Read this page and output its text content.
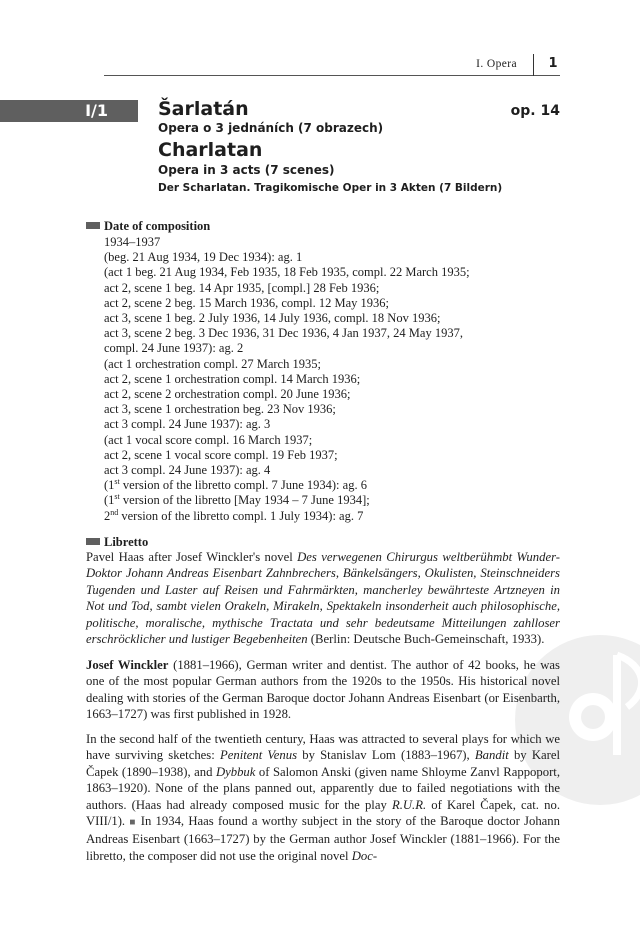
I. Opera 1
I/1	Šarlatán	op. 14
Opera o 3 jednáních (7 obrazech)
Charlatan
Opera in 3 acts (7 scenes)
Der Scharlatan. Tragikomische Oper in 3 Akten (7 Bildern)
Date of composition
1934–1937
(beg. 21 Aug 1934, 19 Dec 1934): ag. 1
(act 1 beg. 21 Aug 1934, Feb 1935, 18 Feb 1935, compl. 22 March 1935;
act 2, scene 1 beg. 14 Apr 1935, [compl.] 28 Feb 1936;
act 2, scene 2 beg. 15 March 1936, compl. 12 May 1936;
act 3, scene 1 beg. 2 July 1936, 14 July 1936, compl. 18 Nov 1936;
act 3, scene 2 beg. 3 Dec 1936, 31 Dec 1936, 4 Jan 1937, 24 May 1937,
compl. 24 June 1937): ag. 2
(act 1 orchestration compl. 27 March 1935;
act 2, scene 1 orchestration compl. 14 March 1936;
act 2, scene 2 orchestration compl. 20 June 1936;
act 3, scene 1 orchestration beg. 23 Nov 1936;
act 3 compl. 24 June 1937): ag. 3
(act 1 vocal score compl. 16 March 1937;
act 2, scene 1 vocal score compl. 19 Feb 1937;
act 3 compl. 24 June 1937): ag. 4
(1st version of the libretto compl. 7 June 1934): ag. 6
(1st version of the libretto [May 1934 – 7 June 1934];
2nd version of the libretto compl. 1 July 1934): ag. 7
Libretto

Pavel Haas after Josef Winckler's novel Des verwegenen Chirurgus weltberühmbt Wunder-Doktor Johann Andreas Eisenbart Zahnbrechers, Bänkelsängers, Okulisten, Steinschneiders Tugenden und Laster auf Reisen und Fahrmärkten, mancherley bewährteste Artzneyen in Not und Tod, sambt vielen Orakeln, Mirakeln, Spektakeln insonderheit auch philosophische, politische, moralische, mythische Tractata und sehr bedeutsame Mitteilungen zahlloser erschröcklicher und lustiger Begebenheiten (Berlin: Deutsche Buch-Gemeinschaft, 1933).

Josef Winckler (1881–1966), German writer and dentist. The author of 42 books, he was one of the most popular German authors from the 1920s to the 1950s. His historical novel dealing with stories of the German Baroque doctor Johann Andreas Eisenbart (or Eisenbarth, 1663–1727) was first published in 1928.

In the second half of the twentieth century, Haas was attracted to several plays for which we have surviving sketches: Penitent Venus by Stanislav Lom (1883–1967), Bandit by Karel Čapek (1890–1938), and Dybbuk of Salomon Anski (given name Shloyme Zanvl Rappoport, 1863–1920). None of the plans panned out, apparently due to failed negotiations with the authors. (Haas had already composed music for the play R.U.R. of Karel Čapek, cat. no. VIII/1). ■ In 1934, Haas found a worthy subject in the story of the Baroque doctor Johann Andreas Eisenbart (1663–1727) by the German author Josef Winckler (1881–1966). For the libretto, the composer did not use the original novel Doc-
